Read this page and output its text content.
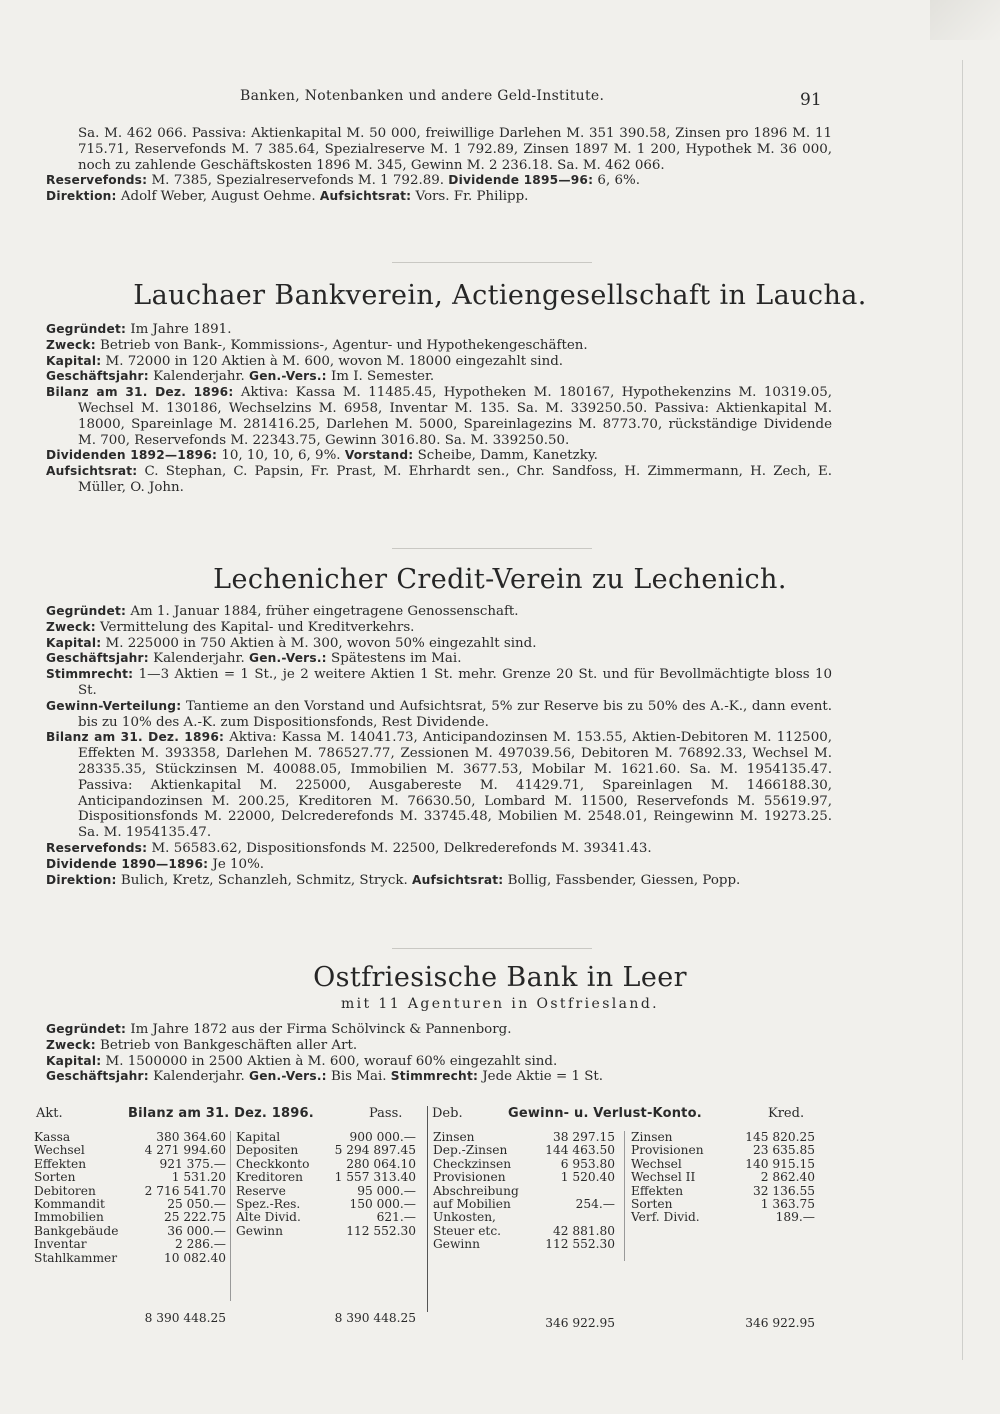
Banken, Notenbanken und andere Geld-Institute.	91

Sa. M. 462 066. Passiva: Aktienkapital M. 50 000, freiwillige Darlehen M. 351 390.58, Zinsen pro 1896 M. 11 715.71, Reservefonds M. 7 385.64, Spezialreserve M. 1 792.89, Zinsen 1897 M. 1 200, Hypothek M. 36 000, noch zu zahlende Geschäftskosten 1896 M. 345, Gewinn M. 2 236.18. Sa. M. 462 066.

Reservefonds: M. 7385, Spezialreservefonds M. 1 792.89. Dividende 1895—96: 6, 6%.

Direktion: Adolf Weber, August Oehme. Aufsichtsrat: Vors. Fr. Philipp.

Lauchaer Bankverein, Actiengesellschaft in Laucha.

Gegründet: Im Jahre 1891.

Zweck: Betrieb von Bank-, Kommissions-, Agentur- und Hypothekengeschäften.

Kapital: M. 72000 in 120 Aktien à M. 600, wovon M. 18000 eingezahlt sind.

Geschäftsjahr: Kalenderjahr. Gen.-Vers.: Im I. Semester.

Bilanz am 31. Dez. 1896: Aktiva: Kassa M. 11485.45, Hypotheken M. 180167, Hypothekenzins M. 10319.05, Wechsel M. 130186, Wechselzins M. 6958, Inventar M. 135. Sa. M. 339250.50. Passiva: Aktienkapital M. 18000, Spareinlage M. 281416.25, Darlehen M. 5000, Spareinlagezins M. 8773.70, rückständige Dividende M. 700, Reservefonds M. 22343.75, Gewinn 3016.80. Sa. M. 339250.50.

Dividenden 1892—1896: 10, 10, 10, 6, 9%. Vorstand: Scheibe, Damm, Kanetzky.

Aufsichtsrat: C. Stephan, C. Papsin, Fr. Prast, M. Ehrhardt sen., Chr. Sandfoss, H. Zimmermann, H. Zech, E. Müller, O. John.

Lechenicher Credit-Verein zu Lechenich.

Gegründet: Am 1. Januar 1884, früher eingetragene Genossenschaft.

Zweck: Vermittelung des Kapital- und Kreditverkehrs.

Kapital: M. 225000 in 750 Aktien à M. 300, wovon 50% eingezahlt sind.

Geschäftsjahr: Kalenderjahr. Gen.-Vers.: Spätestens im Mai.

Stimmrecht: 1—3 Aktien = 1 St., je 2 weitere Aktien 1 St. mehr. Grenze 20 St. und für Bevollmächtigte bloss 10 St.

Gewinn-Verteilung: Tantieme an den Vorstand und Aufsichtsrat, 5% zur Reserve bis zu 50% des A.-K., dann event. bis zu 10% des A.-K. zum Dispositionsfonds, Rest Dividende.

Bilanz am 31. Dez. 1896: Aktiva: Kassa M. 14041.73, Anticipandozinsen M. 153.55, Aktien-Debitoren M. 112500, Effekten M. 393358, Darlehen M. 786527.77, Zessionen M. 497039.56, Debitoren M. 76892.33, Wechsel M. 28335.35, Stückzinsen M. 40088.05, Immobilien M. 3677.53, Mobilar M. 1621.60. Sa. M. 1954135.47. Passiva: Aktienkapital M. 225000, Ausgabereste M. 41429.71, Spareinlagen M. 1466188.30, Anticipandozinsen M. 200.25, Kreditoren M. 76630.50, Lombard M. 11500, Reservefonds M. 55619.97, Dispositionsfonds M. 22000, Delcrederefonds M. 33745.48, Mobilien M. 2548.01, Reingewinn M. 19273.25. Sa. M. 1954135.47.

Reservefonds: M. 56583.62, Dispositionsfonds M. 22500, Delkrederefonds M. 39341.43.

Dividende 1890—1896: Je 10%.

Direktion: Bulich, Kretz, Schanzleh, Schmitz, Stryck. Aufsichtsrat: Bollig, Fassbender, Giessen, Popp.

Ostfriesische Bank in Leer
mit 11 Agenturen in Ostfriesland.

Gegründet: Im Jahre 1872 aus der Firma Schölvinck & Pannenborg.

Zweck: Betrieb von Bankgeschäften aller Art.

Kapital: M. 1500000 in 2500 Aktien à M. 600, worauf 60% eingezahlt sind.

Geschäftsjahr: Kalenderjahr. Gen.-Vers.: Bis Mai. Stimmrecht: Jede Aktie = 1 St.

Akt.	Bilanz am 31. Dez. 1896.	Pass. Deb.	Gewinn- u. Verlust-Konto.	Kred.
Kassa	380 364.60
Wechsel	4 271 994.60
Effekten	921 375.—
Sorten	1 531.20
Debitoren	2 716 541.70
Kommandit	25 050.—
Immobilien	25 222.75
Bankgebäude	36 000.—
Inventar	2 286.—
Stahlkammer	10 082.40
Kapital	900 000.—
Depositen	5 294 897.45
Checkkonto	280 064.10
Kreditoren	1 557 313.40
Reserve	95 000.—
Spez.-Res.	150 000.—
Alte Divid.	621.—
Gewinn	112 552.30
Zinsen	38 297.15
Dep.-Zinsen	144 463.50
Checkzinsen	6 953.80
Provisionen	1 520.40
Abschreibung
auf Mobilien	254.—
Unkosten,
Steuer etc.	42 881.80
Gewinn	112 552.30
Zinsen	145 820.25
Provisionen	23 635.85
Wechsel	140 915.15
Wechsel II	2 862.40
Effekten	32 136.55
Sorten	1 363.75
Verf. Divid.	189.—
8 390 448.25	8 390 448.25	346 922.95	346 922.95
